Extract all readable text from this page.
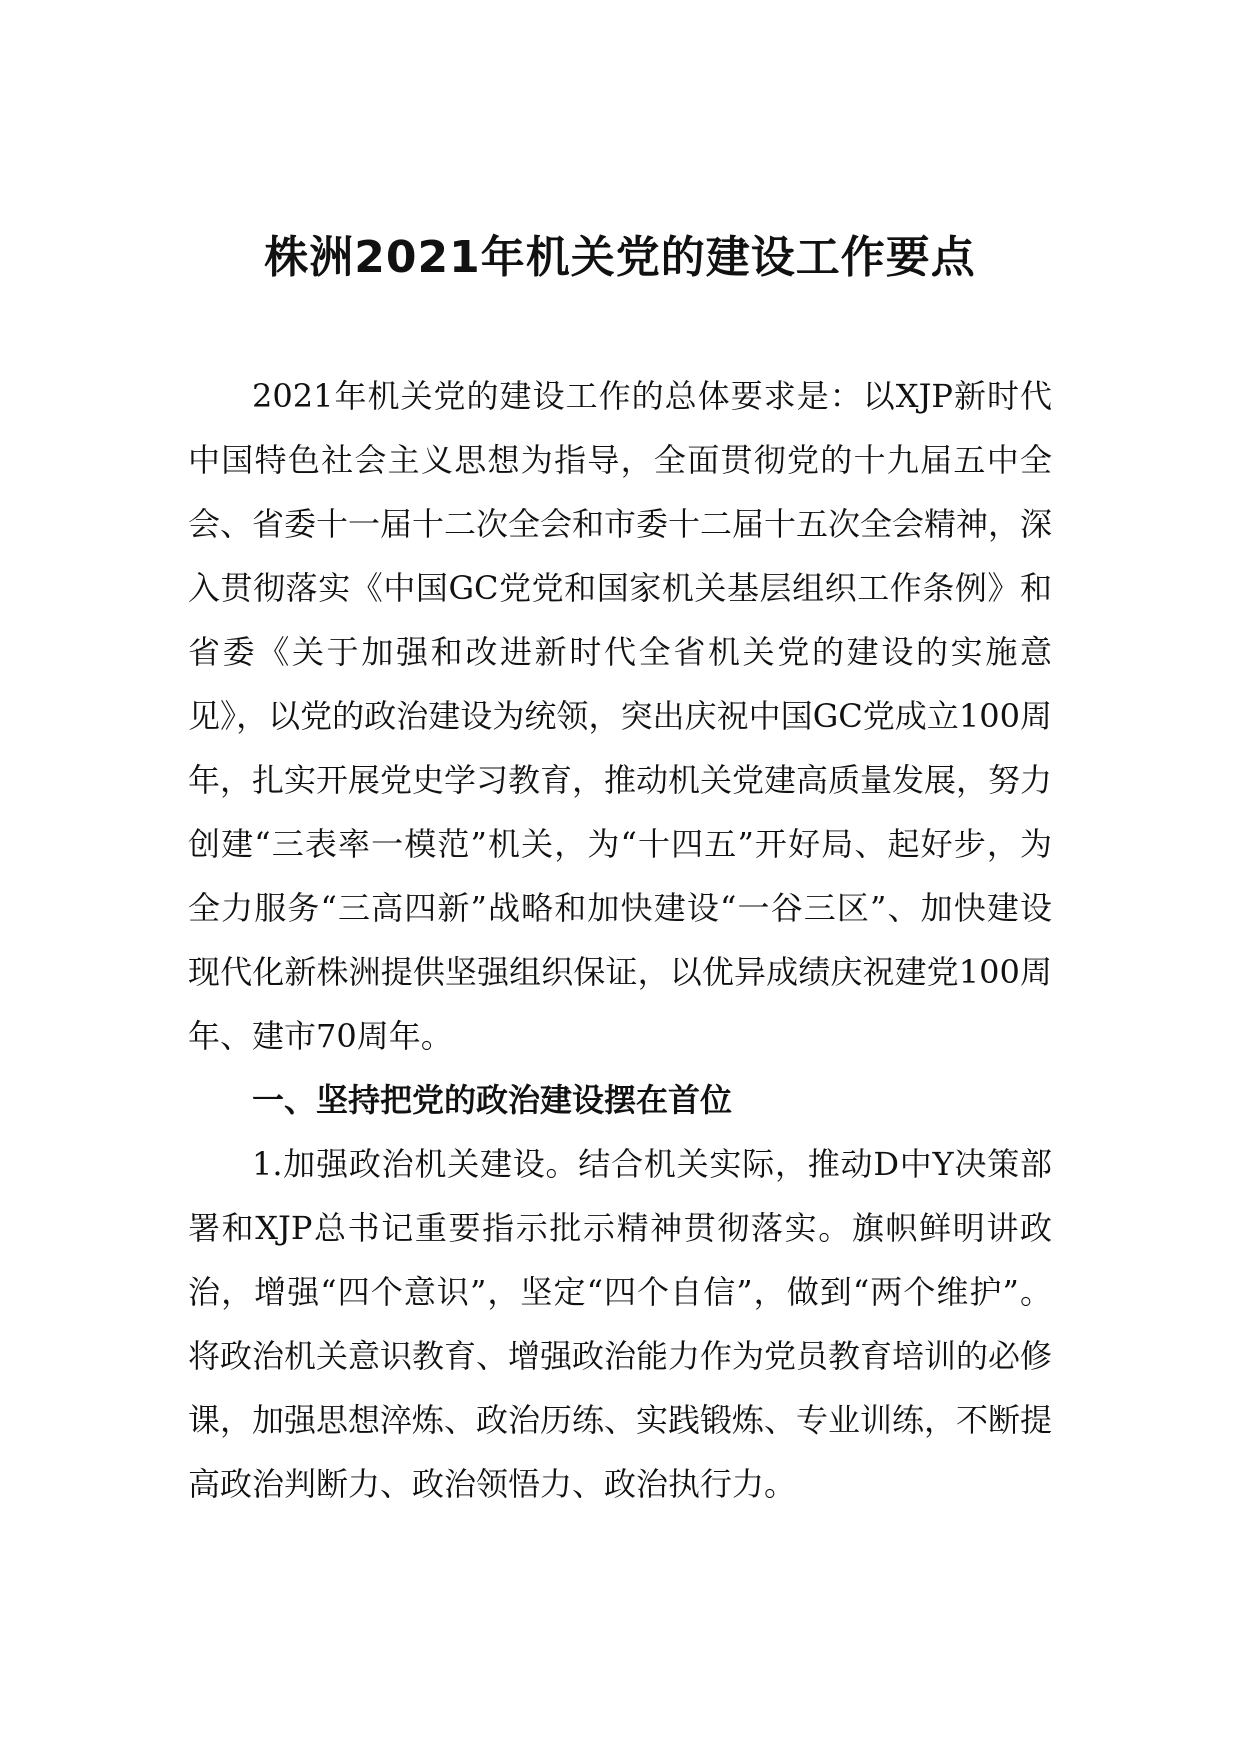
株洲2021年机关党的建设工作要点

2021年机关党的建设工作的总体要求是：以XJP新时代中国特色社会主义思想为指导，全面贯彻党的十九届五中全会、省委十一届十二次全会和市委十二届十五次全会精神，深入贯彻落实《中国GC党党和国家机关基层组织工作条例》和省委《关于加强和改进新时代全省机关党的建设的实施意见》，以党的政治建设为统领，突出庆祝中国GC党成立100周年，扎实开展党史学习教育，推动机关党建高质量发展，努力创建“三表率一模范”机关，为“十四五”开好局、起好步，为全力服务“三高四新”战略和加快建设“一谷三区”、加快建设现代化新株洲提供坚强组织保证，以优异成绩庆祝建党100周年、建市70周年。

一、坚持把党的政治建设摆在首位

1.加强政治机关建设。结合机关实际，推动D中Y决策部署和XJP总书记重要指示批示精神贯彻落实。旗帜鲜明讲政治，增强“四个意识”，坚定“四个自信”，做到“两个维护”。将政治机关意识教育、增强政治能力作为党员教育培训的必修课，加强思想淬炼、政治历练、实践锻炼、专业训练，不断提高政治判断力、政治领悟力、政治执行力。
